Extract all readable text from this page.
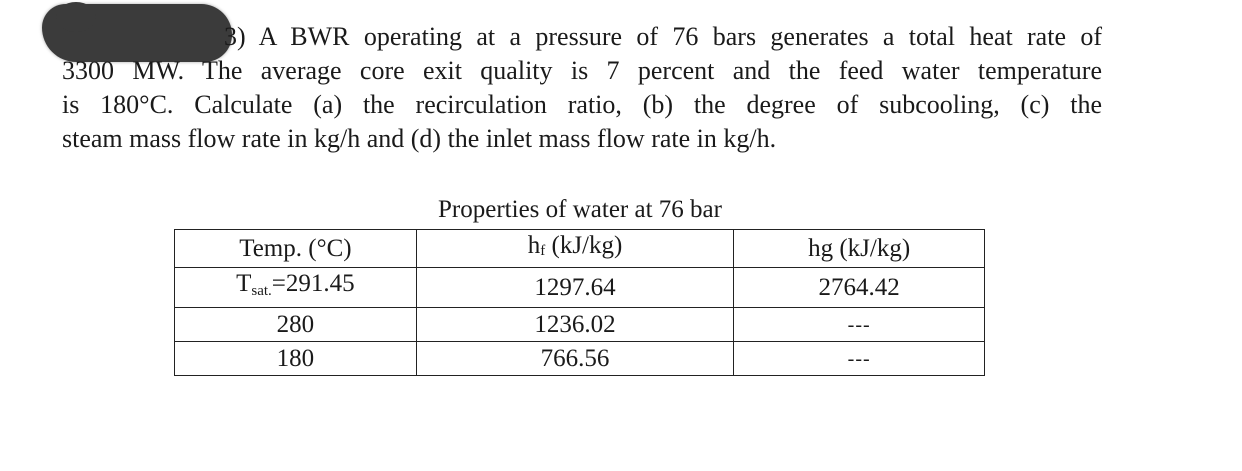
3) A BWR operating at a pressure of 76 bars generates a total heat rate of
3300 MW. The average core exit quality is 7 percent and the feed water temperature
is 180°C. Calculate (a) the recirculation ratio, (b) the degree of subcooling, (c) the
steam mass flow rate in kg/h and (d) the inlet mass flow rate in kg/h.
Properties of water at 76 bar
Temp. (°C)	hf (kJ/kg)	hg (kJ/kg)
$T_{sat.}=291.45$	1297.64	2764.42
280	1236.02	---
180	766.56	---
